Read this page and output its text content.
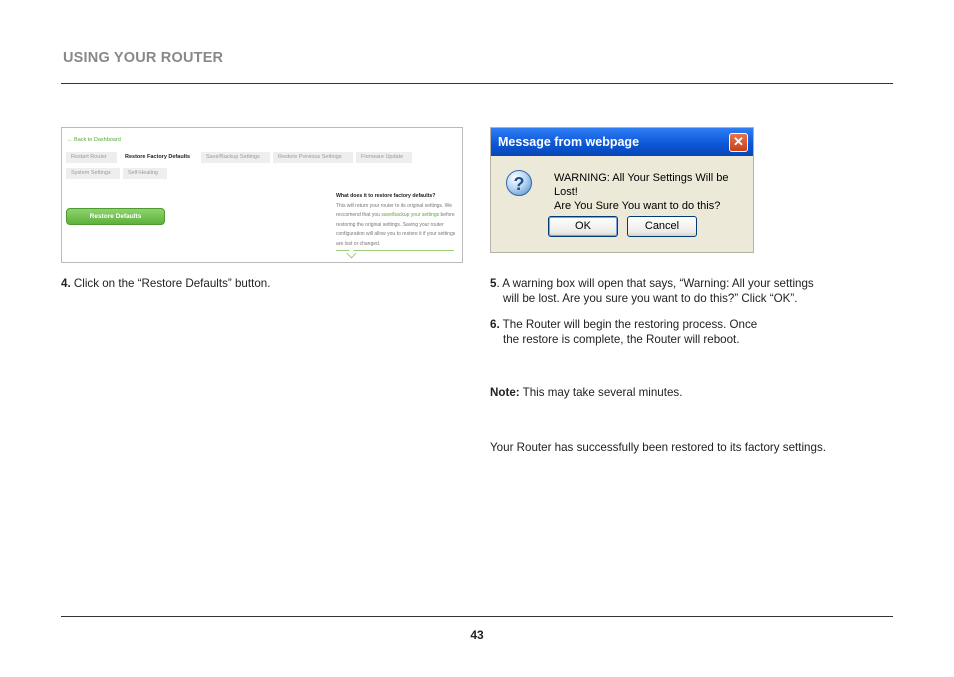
USING YOUR ROUTER
← Back to Dashboard
Restart Router	Restore Factory Defaults	Save/Backup Settings	Restore Previous Settings	Firmware Update
System Settings	Self-Healing
Restore Defaults
What does it to restore factory defaults?
This will return your router to its original settings. We reccomend that you save/backup your settings before restoring the original settings. Saving your router configuration will allow you to restore it if your settings are lost or changed.
Message from webpage	✕
?	WARNING: All Your Settings Will be Lost!
Are You Sure You want to do this?
OK	Cancel
4. Click on the “Restore Defaults” button.	5. A warning box will open that says, “Warning: All your settings
will be lost. Are you sure you want to do this?” Click “OK”.
6. The Router will begin the restoring process. Once
the restore is complete, the Router will reboot.
Note: This may take several minutes.
Your Router has successfully been restored to its factory settings.
43
